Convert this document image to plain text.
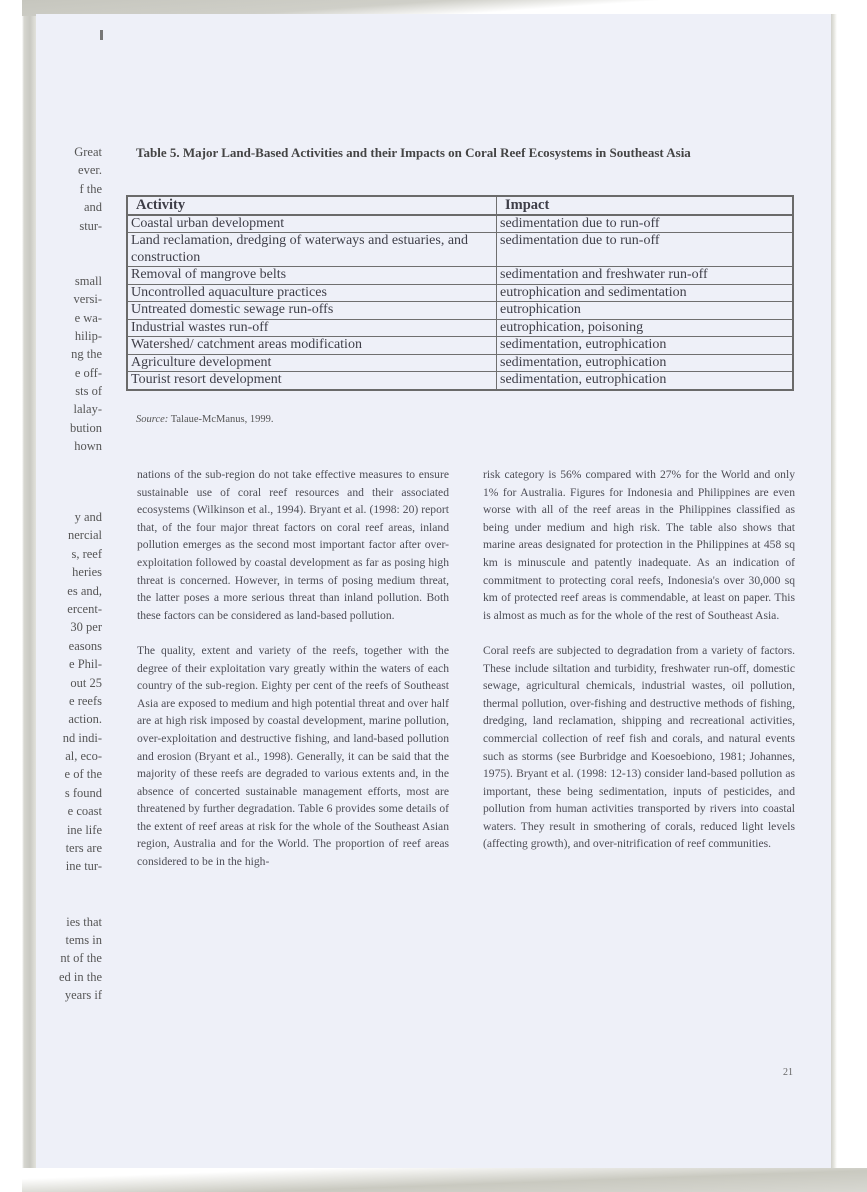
Great
ever.
f the
and
stur-
small
versi-
e wa-
hilip-
ng the
e off-
sts of
lalay-
bution
hown
y and
nercial
s, reef
heries
es and,
ercent-
30 per
easons
e Phil-
out 25
e reefs
action.
nd indi-
al, eco-
e of the
s found
e coast
ine life
ters are
ine tur-
ies that
tems in
nt of the
ed in the
years if
Table 5. Major Land-Based Activities and their Impacts on Coral Reef Ecosystems in Southeast Asia
Activity	Impact
Coastal urban development	sedimentation due to run-off
Land reclamation, dredging of waterways and estuaries, and construction	sedimentation due to run-off
Removal of mangrove belts	sedimentation and freshwater run-off
Uncontrolled aquaculture practices	eutrophication and sedimentation
Untreated domestic sewage run-offs	eutrophication
Industrial wastes run-off	eutrophication, poisoning
Watershed/ catchment areas modification	sedimentation, eutrophication
Agriculture development	sedimentation, eutrophication
Tourist resort development	sedimentation, eutrophication
Source: Talaue-McManus, 1999.

nations of the sub-region do not take effective measures to ensure sustainable use of coral reef resources and their associated ecosystems (Wilkinson et al., 1994). Bryant et al. (1998: 20) report that, of the four major threat factors on coral reef areas, inland pollution emerges as the second most important factor after over-exploitation followed by coastal development as far as posing high threat is concerned. However, in terms of posing medium threat, the latter poses a more serious threat than inland pollution. Both these factors can be considered as land-based pollution.

The quality, extent and variety of the reefs, together with the degree of their exploitation vary greatly within the waters of each country of the sub-region. Eighty per cent of the reefs of Southeast Asia are exposed to medium and high potential threat and over half are at high risk imposed by coastal development, marine pollution, over-exploitation and destructive fishing, and land-based pollution and erosion (Bryant et al., 1998). Generally, it can be said that the majority of these reefs are degraded to various extents and, in the absence of concerted sustainable management efforts, most are threatened by further degradation. Table 6 provides some details of the extent of reef areas at risk for the whole of the Southeast Asian region, Australia and for the World. The proportion of reef areas considered to be in the high-

risk category is 56% compared with 27% for the World and only 1% for Australia. Figures for Indonesia and Philippines are even worse with all of the reef areas in the Philippines classified as being under medium and high risk. The table also shows that marine areas designated for protection in the Philippines at 458 sq km is minuscule and patently inadequate. As an indication of commitment to protecting coral reefs, Indonesia's over 30,000 sq km of protected reef areas is commendable, at least on paper. This is almost as much as for the whole of the rest of Southeast Asia.

Coral reefs are subjected to degradation from a variety of factors. These include siltation and turbidity, freshwater run-off, domestic sewage, agricultural chemicals, industrial wastes, oil pollution, thermal pollution, over-fishing and destructive methods of fishing, dredging, land reclamation, shipping and recreational activities, commercial collection of reef fish and corals, and natural events such as storms (see Burbridge and Koesoebiono, 1981; Johannes, 1975). Bryant et al. (1998: 12-13) consider land-based pollution as important, these being sedimentation, inputs of pesticides, and pollution from human activities transported by rivers into coastal waters. They result in smothering of corals, reduced light levels (affecting growth), and over-nitrification of reef communities.

21
